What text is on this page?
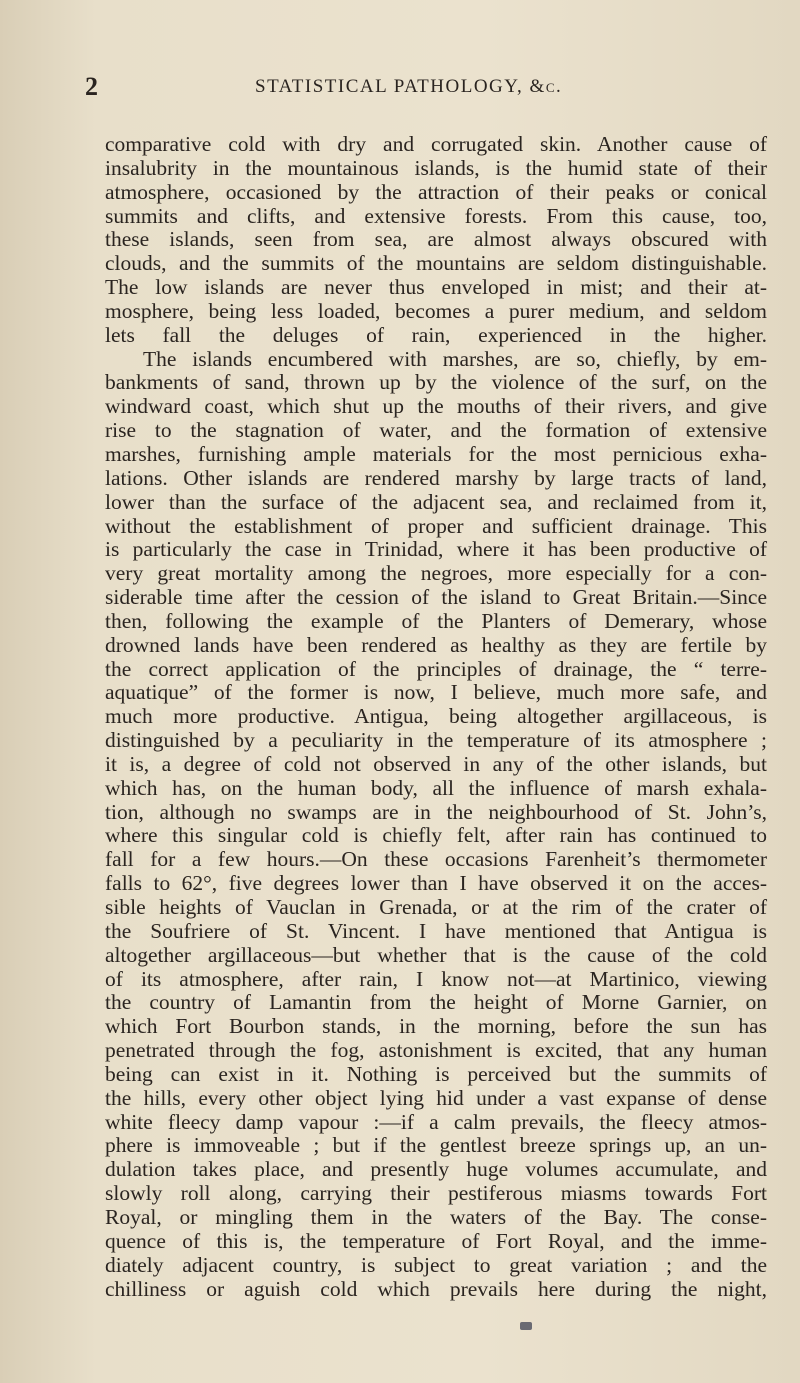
2	STATISTICAL PATHOLOGY, &c.
comparative cold with dry and corrugated skin. Another cause of
insalubrity in the mountainous islands, is the humid state of their
atmosphere, occasioned by the attraction of their peaks or conical
summits and clifts, and extensive forests. From this cause, too,
these islands, seen from sea, are almost always obscured with
clouds, and the summits of the mountains are seldom distinguishable.
The low islands are never thus enveloped in mist; and their at-
mosphere, being less loaded, becomes a purer medium, and seldom
lets fall the deluges of rain, experienced in the higher.
The islands encumbered with marshes, are so, chiefly, by em-
bankments of sand, thrown up by the violence of the surf, on the
windward coast, which shut up the mouths of their rivers, and give
rise to the stagnation of water, and the formation of extensive
marshes, furnishing ample materials for the most pernicious exha-
lations. Other islands are rendered marshy by large tracts of land,
lower than the surface of the adjacent sea, and reclaimed from it,
without the establishment of proper and sufficient drainage. This
is particularly the case in Trinidad, where it has been productive of
very great mortality among the negroes, more especially for a con-
siderable time after the cession of the island to Great Britain.—Since
then, following the example of the Planters of Demerary, whose
drowned lands have been rendered as healthy as they are fertile by
the correct application of the principles of drainage, the “ terre-
aquatique” of the former is now, I believe, much more safe, and
much more productive. Antigua, being altogether argillaceous, is
distinguished by a peculiarity in the temperature of its atmosphere ;
it is, a degree of cold not observed in any of the other islands, but
which has, on the human body, all the influence of marsh exhala-
tion, although no swamps are in the neighbourhood of St. John’s,
where this singular cold is chiefly felt, after rain has continued to
fall for a few hours.—On these occasions Farenheit’s thermometer
falls to 62°, five degrees lower than I have observed it on the acces-
sible heights of Vauclan in Grenada, or at the rim of the crater of
the Soufriere of St. Vincent. I have mentioned that Antigua is
altogether argillaceous—but whether that is the cause of the cold
of its atmosphere, after rain, I know not—at Martinico, viewing
the country of Lamantin from the height of Morne Garnier, on
which Fort Bourbon stands, in the morning, before the sun has
penetrated through the fog, astonishment is excited, that any human
being can exist in it. Nothing is perceived but the summits of
the hills, every other object lying hid under a vast expanse of dense
white fleecy damp vapour :—if a calm prevails, the fleecy atmos-
phere is immoveable ; but if the gentlest breeze springs up, an un-
dulation takes place, and presently huge volumes accumulate, and
slowly roll along, carrying their pestiferous miasms towards Fort
Royal, or mingling them in the waters of the Bay. The conse-
quence of this is, the temperature of Fort Royal, and the imme-
diately adjacent country, is subject to great variation ; and the
chilliness or aguish cold which prevails here during the night,
